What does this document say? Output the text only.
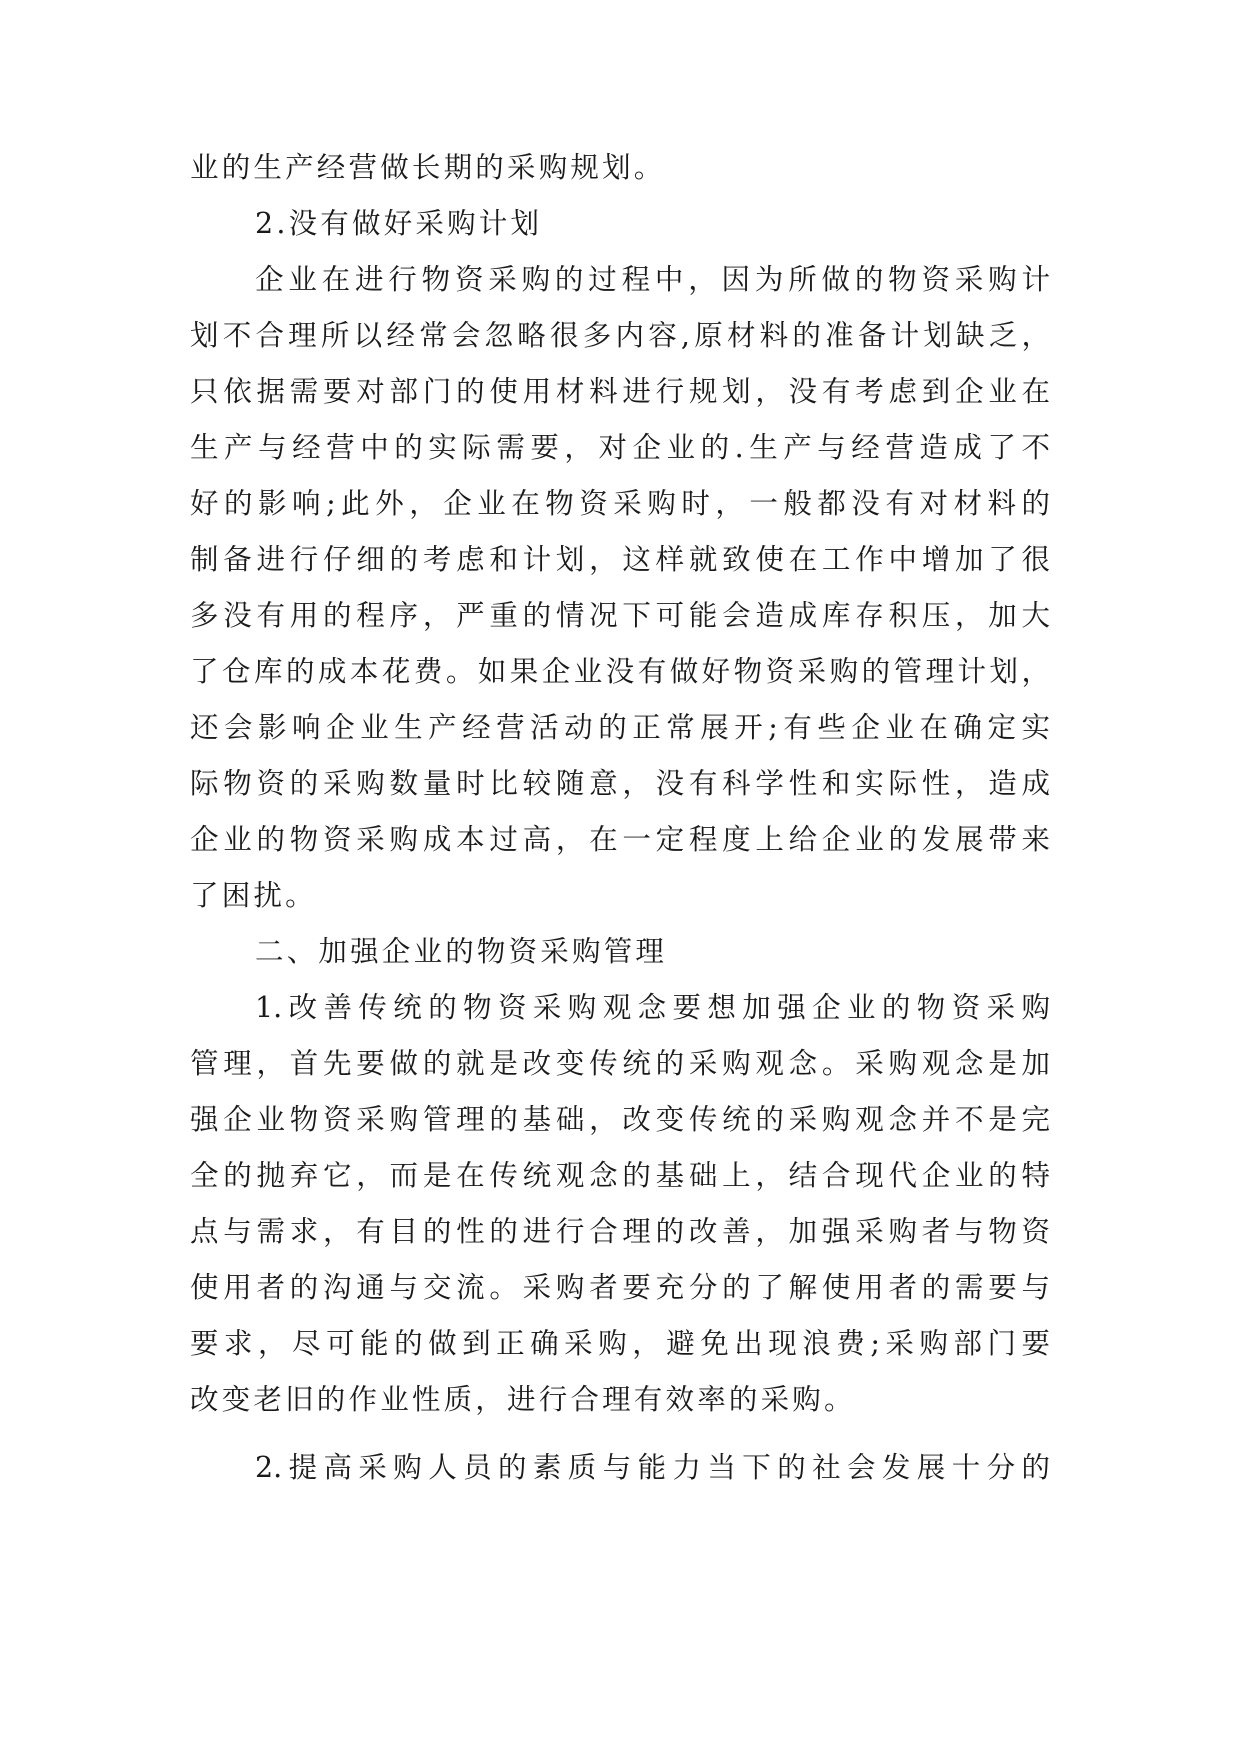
业的生产经营做长期的采购规划。
2.没有做好采购计划
企业在进行物资采购的过程中，因为所做的物资采购计
划不合理所以经常会忽略很多内容,原材料的准备计划缺乏，
只依据需要对部门的使用材料进行规划，没有考虑到企业在
生产与经营中的实际需要，对企业的.生产与经营造成了不
好的影响;此外，企业在物资采购时，一般都没有对材料的
制备进行仔细的考虑和计划，这样就致使在工作中增加了很
多没有用的程序，严重的情况下可能会造成库存积压，加大
了仓库的成本花费。如果企业没有做好物资采购的管理计划，
还会影响企业生产经营活动的正常展开;有些企业在确定实
际物资的采购数量时比较随意，没有科学性和实际性，造成
企业的物资采购成本过高，在一定程度上给企业的发展带来
了困扰。
二、加强企业的物资采购管理
1.改善传统的物资采购观念要想加强企业的物资采购
管理，首先要做的就是改变传统的采购观念。采购观念是加
强企业物资采购管理的基础，改变传统的采购观念并不是完
全的抛弃它，而是在传统观念的基础上，结合现代企业的特
点与需求，有目的性的进行合理的改善，加强采购者与物资
使用者的沟通与交流。采购者要充分的了解使用者的需要与
要求，尽可能的做到正确采购，避免出现浪费;采购部门要
改变老旧的作业性质，进行合理有效率的采购。
2.提高采购人员的素质与能力当下的社会发展十分的
